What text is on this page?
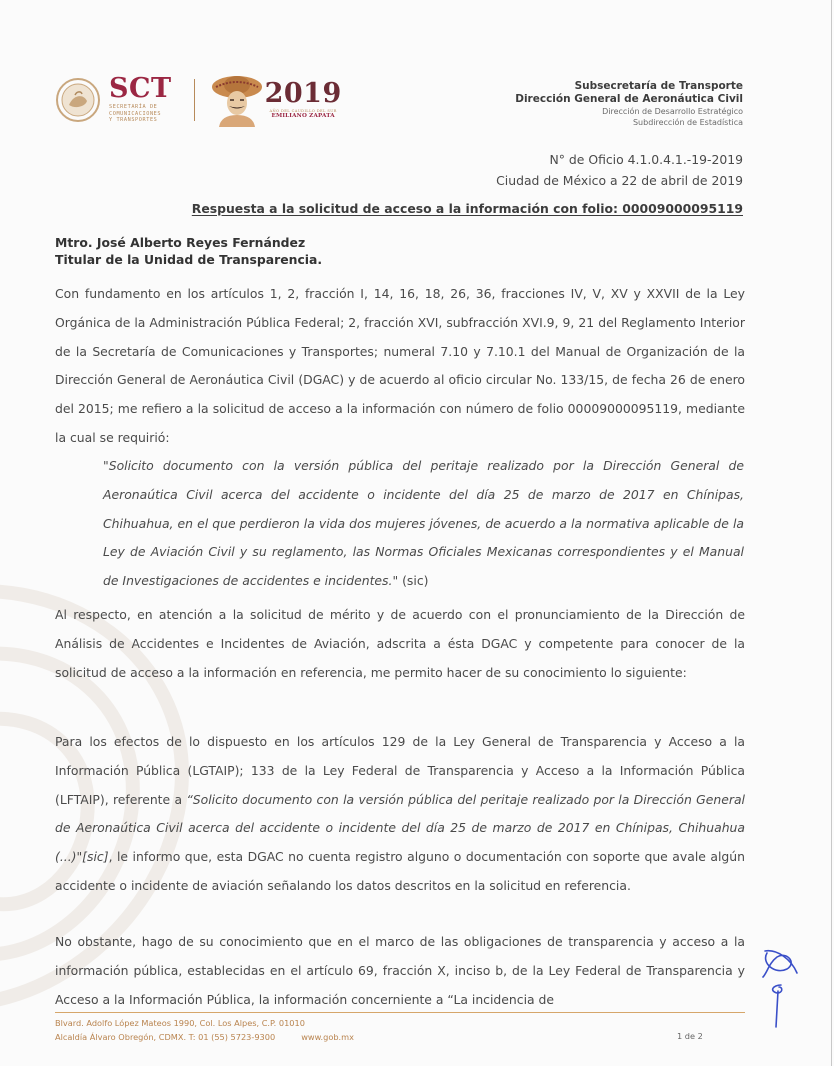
SCT
SECRETARÍA DE
COMUNICACIONES
Y TRANSPORTES
2019
AÑO DEL CAUDILLO DEL SUR
EMILIANO ZAPATA
Subsecretaría de Transporte
Dirección General de Aeronáutica Civil
Dirección de Desarrollo Estratégico
Subdirección de Estadística
N° de Oficio 4.1.0.4.1.-19-2019
Ciudad de México a 22 de abril de 2019
Respuesta a la solicitud de acceso a la información con folio: 00009000095119
Mtro. José Alberto Reyes Fernández
Titular de la Unidad de Transparencia.
Con fundamento en los artículos 1, 2, fracción I, 14, 16, 18, 26, 36, fracciones IV, V, XV y XXVII de la Ley Orgánica de la Administración Pública Federal; 2, fracción XVI, subfracción XVI.9, 9, 21 del Reglamento Interior de la Secretaría de Comunicaciones y Transportes; numeral 7.10 y 7.10.1 del Manual de Organización de la Dirección General de Aeronáutica Civil (DGAC) y de acuerdo al oficio circular No. 133/15, de fecha 26 de enero del 2015; me refiero a la solicitud de acceso a la información con número de folio 00009000095119, mediante la cual se requirió:
"Solicito documento con la versión pública del peritaje realizado por la Dirección General de Aeronaútica Civil acerca del accidente o incidente del día 25 de marzo de 2017 en Chínipas, Chihuahua, en el que perdieron la vida dos mujeres jóvenes, de acuerdo a la normativa aplicable de la Ley de Aviación Civil y su reglamento, las Normas Oficiales Mexicanas correspondientes y el Manual de Investigaciones de accidentes e incidentes." (sic)
Al respecto, en atención a la solicitud de mérito y de acuerdo con el pronunciamiento de la Dirección de Análisis de Accidentes e Incidentes de Aviación, adscrita a ésta DGAC y competente para conocer de la solicitud de acceso a la información en referencia, me permito hacer de su conocimiento lo siguiente:
Para los efectos de lo dispuesto en los artículos 129 de la Ley General de Transparencia y Acceso a la Información Pública (LGTAIP); 133 de la Ley Federal de Transparencia y Acceso a la Información Pública (LFTAIP), referente a “Solicito documento con la versión pública del peritaje realizado por la Dirección General de Aeronaútica Civil acerca del accidente o incidente del día 25 de marzo de 2017 en Chínipas, Chihuahua (...)"[sic], le informo que, esta DGAC no cuenta registro alguno o documentación con soporte que avale algún accidente o incidente de aviación señalando los datos descritos en la solicitud en referencia.
No obstante, hago de su conocimiento que en el marco de las obligaciones de transparencia y acceso a la información pública, establecidas en el artículo 69, fracción X, inciso b, de la Ley Federal de Transparencia y Acceso a la Información Pública, la información concerniente a “La incidencia de
Blvard. Adolfo López Mateos 1990, Col. Los Alpes, C.P. 01010
Alcaldía Álvaro Obregón, CDMX. T: 01 (55) 5723-9300	www.gob.mx	1 de 2
